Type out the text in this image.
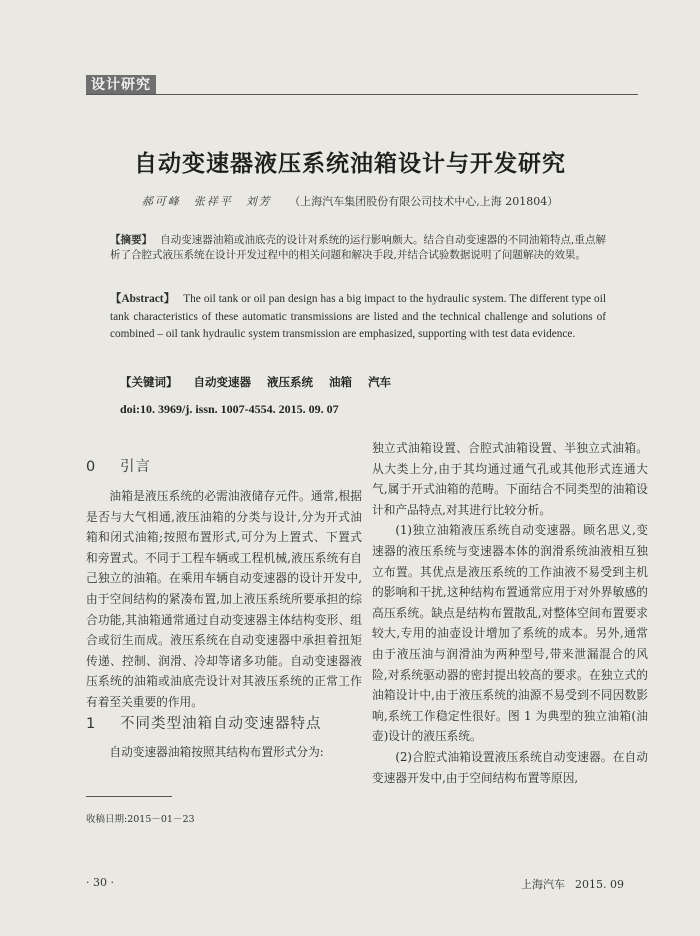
设计研究
自动变速器液压系统油箱设计与开发研究
郝可峰　张祥平　刘芳 （上海汽车集团股份有限公司技术中心,上海 201804）
【摘要】 自动变速器油箱或油底壳的设计对系统的运行影响颇大。结合自动变速器的不同油箱特点,重点解析了合腔式液压系统在设计开发过程中的相关问题和解决手段,并结合试验数据说明了问题解决的效果。
【Abstract】 The oil tank or oil pan design has a big impact to the hydraulic system. The different type oil tank characteristics of these automatic transmissions are listed and the technical challenge and solutions of combined – oil tank hydraulic system transmission are emphasized, supporting with test data evidence.
【关键词】 自动变速器 液压系统 油箱 汽车
doi:10. 3969/j. issn. 1007-4554. 2015. 09. 07
0 引言

油箱是液压系统的必需油液储存元件。通常,根据是否与大气相通,液压油箱的分类与设计,分为开式油箱和闭式油箱;按照布置形式,可分为上置式、下置式和旁置式。不同于工程车辆或工程机械,液压系统有自己独立的油箱。在乘用车辆自动变速器的设计开发中,由于空间结构的紧凑布置,加上液压系统所要承担的综合功能,其油箱通常通过自动变速器主体结构变形、组合或衍生而成。液压系统在自动变速器中承担着扭矩传递、控制、润滑、冷却等诸多功能。自动变速器液压系统的油箱或油底壳设计对其液压系统的正常工作有着至关重要的作用。

1 不同类型油箱自动变速器特点

自动变速器油箱按照其结构布置形式分为:

独立式油箱设置、合腔式油箱设置、半独立式油箱。从大类上分,由于其均通过通气孔或其他形式连通大气,属于开式油箱的范畴。下面结合不同类型的油箱设计和产品特点,对其进行比较分析。

(1)独立油箱液压系统自动变速器。顾名思义,变速器的液压系统与变速器本体的润滑系统油液相互独立布置。其优点是液压系统的工作油液不易受到主机的影响和干扰,这种结构布置通常应用于对外界敏感的高压系统。缺点是结构布置散乱,对整体空间布置要求较大,专用的油壶设计增加了系统的成本。另外,通常由于液压油与润滑油为两种型号,带来泄漏混合的风险,对系统驱动器的密封提出较高的要求。在独立式的油箱设计中,由于液压系统的油源不易受到不同因数影响,系统工作稳定性很好。图 1 为典型的独立油箱(油壶)设计的液压系统。

(2)合腔式油箱设置液压系统自动变速器。在自动变速器开发中,由于空间结构布置等原因,

收稿日期:2015－01－23
· 30 ·	上海汽车 2015. 09
